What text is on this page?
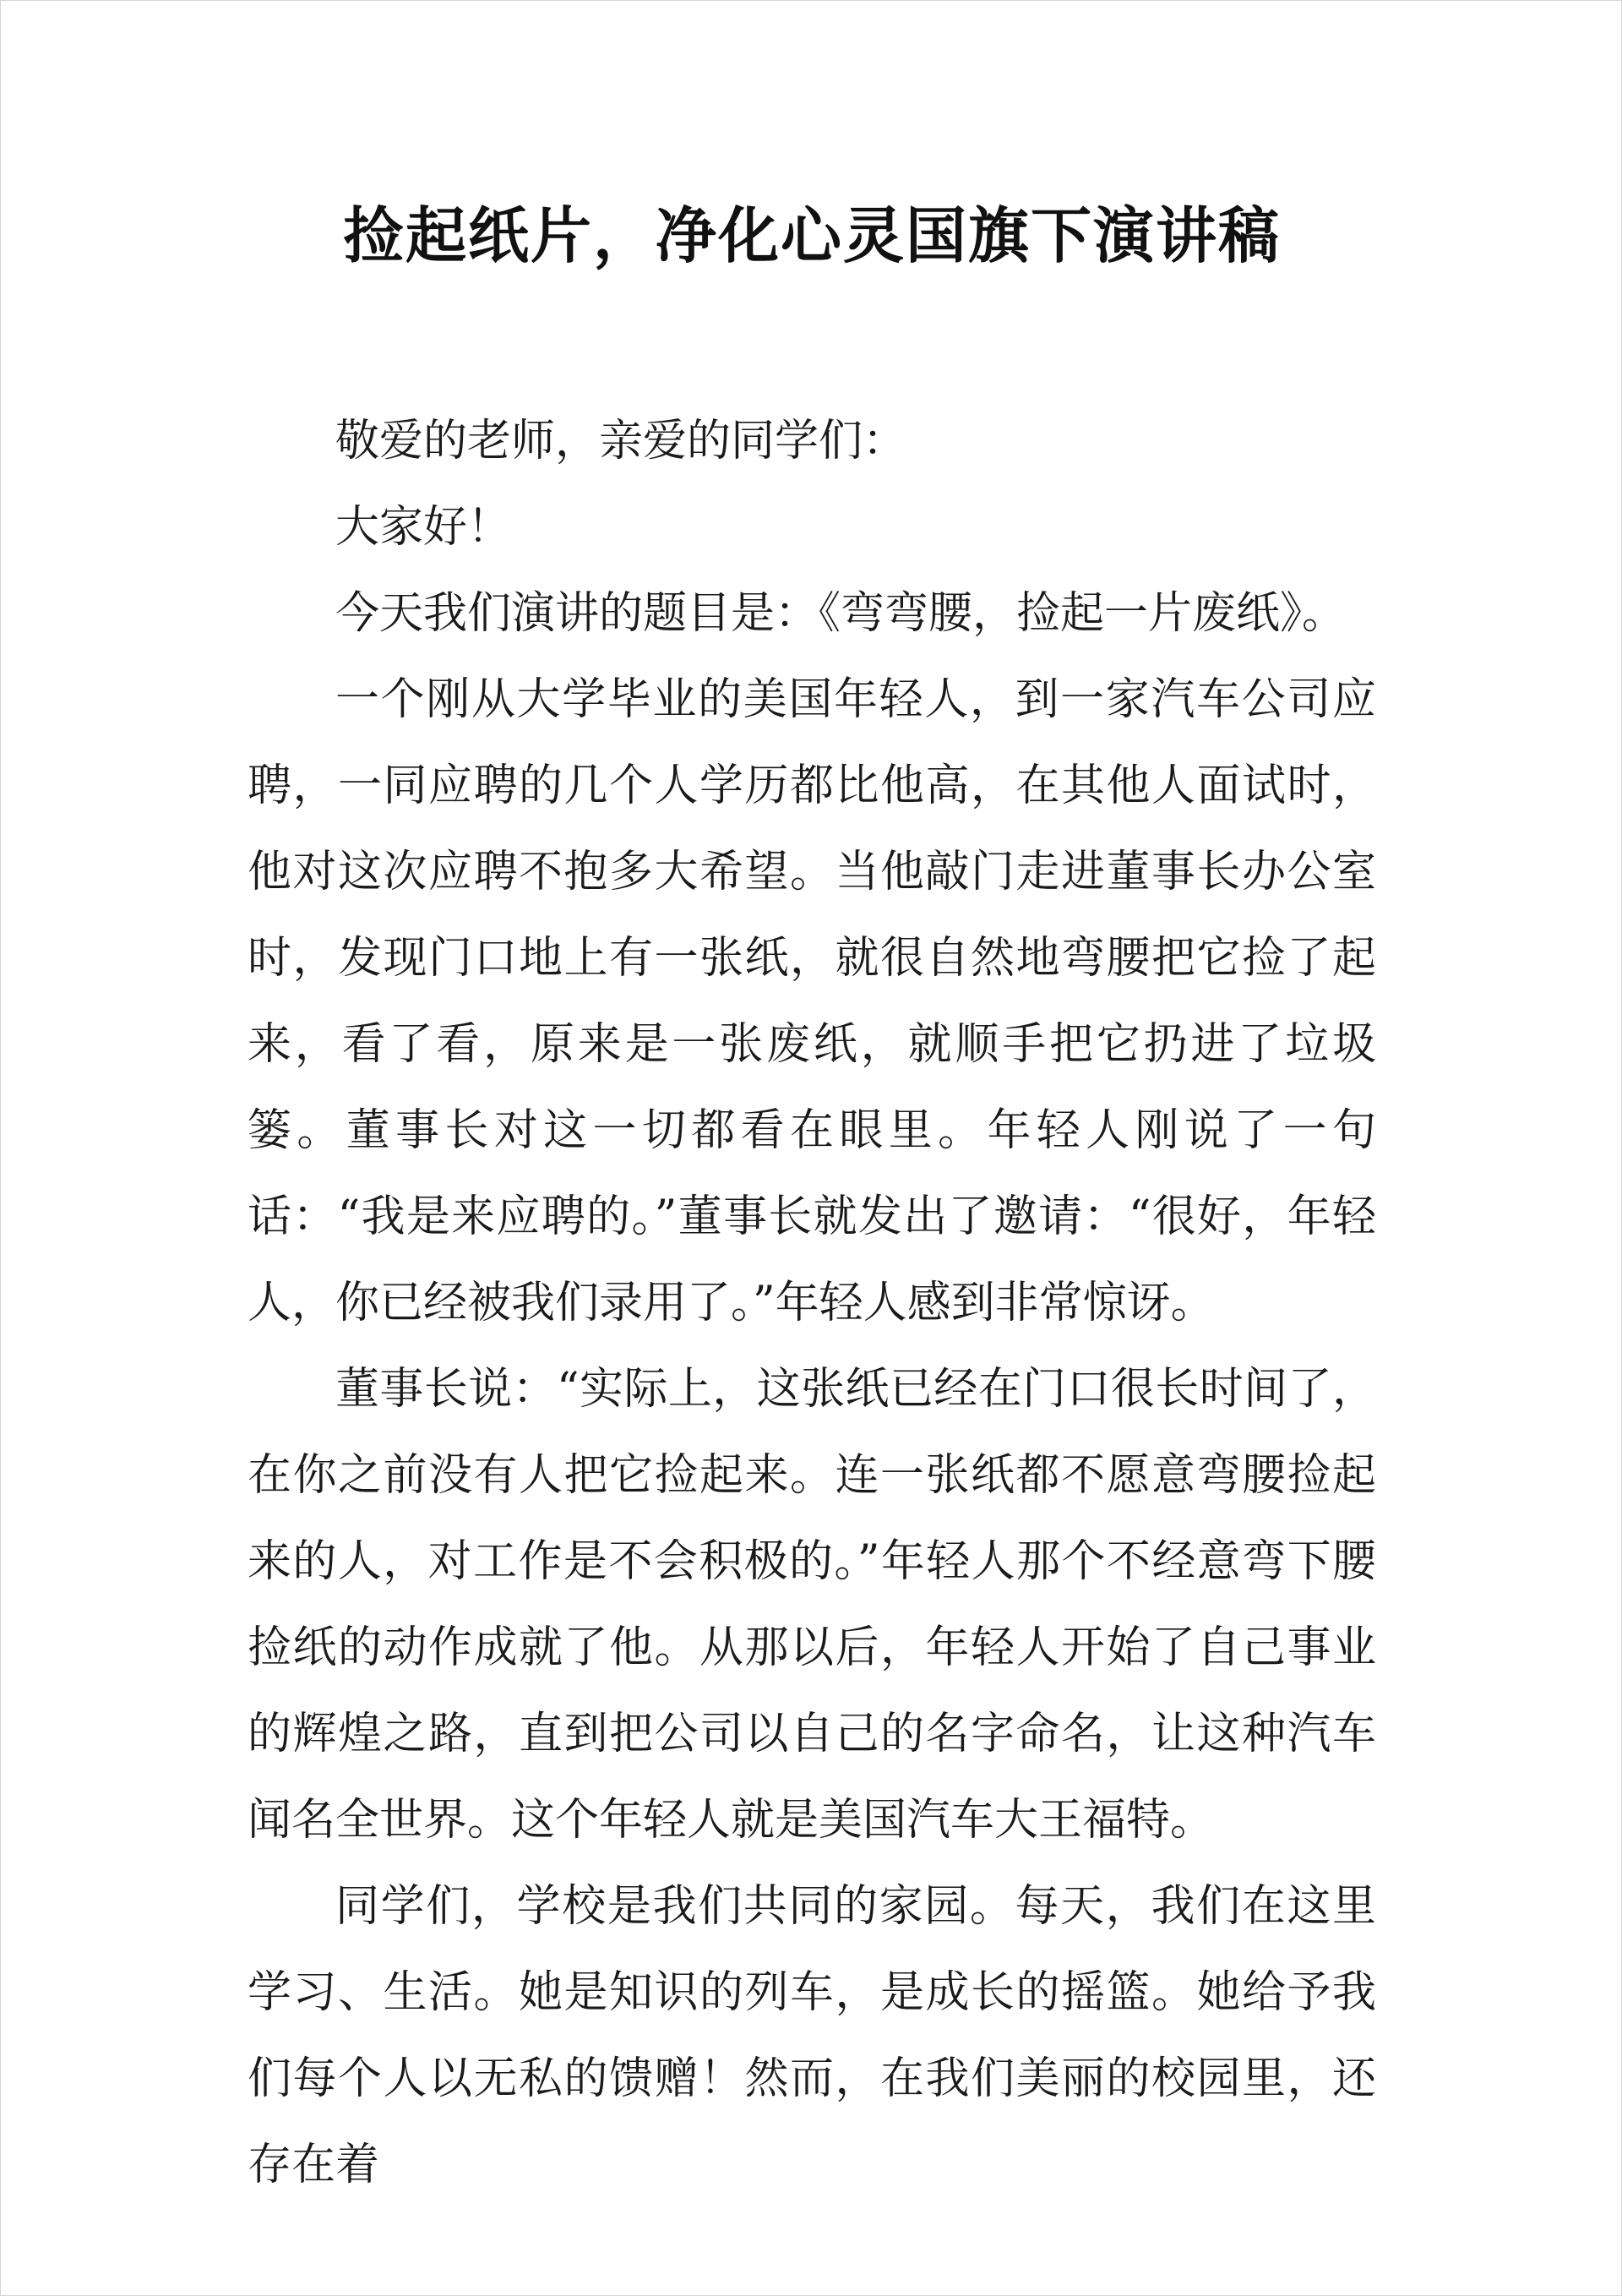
捡起纸片，净化心灵国旗下演讲稿

敬爱的老师，亲爱的同学们：

大家好！

今天我们演讲的题目是：《弯弯腰，捡起一片废纸》。

一个刚从大学毕业的美国年轻人，到一家汽车公司应聘，一同应聘的几个人学历都比他高，在其他人面试时，他对这次应聘不抱多大希望。当他敲门走进董事长办公室时，发现门口地上有一张纸，就很自然地弯腰把它捡了起来，看了看，原来是一张废纸，就顺手把它扔进了垃圾篓。董事长对这一切都看在眼里。年轻人刚说了一句话：“我是来应聘的。”董事长就发出了邀请：“很好，年轻人，你已经被我们录用了。”年轻人感到非常惊讶。

董事长说：“实际上，这张纸已经在门口很长时间了，在你之前没有人把它捡起来。连一张纸都不愿意弯腰捡起来的人，对工作是不会积极的。”年轻人那个不经意弯下腰捡纸的动作成就了他。从那以后，年轻人开始了自己事业的辉煌之路，直到把公司以自己的名字命名，让这种汽车闻名全世界。这个年轻人就是美国汽车大王福特。

同学们，学校是我们共同的家园。每天，我们在这里学习、生活。她是知识的列车，是成长的摇篮。她给予我们每个人以无私的馈赠！然而，在我们美丽的校园里，还存在着
